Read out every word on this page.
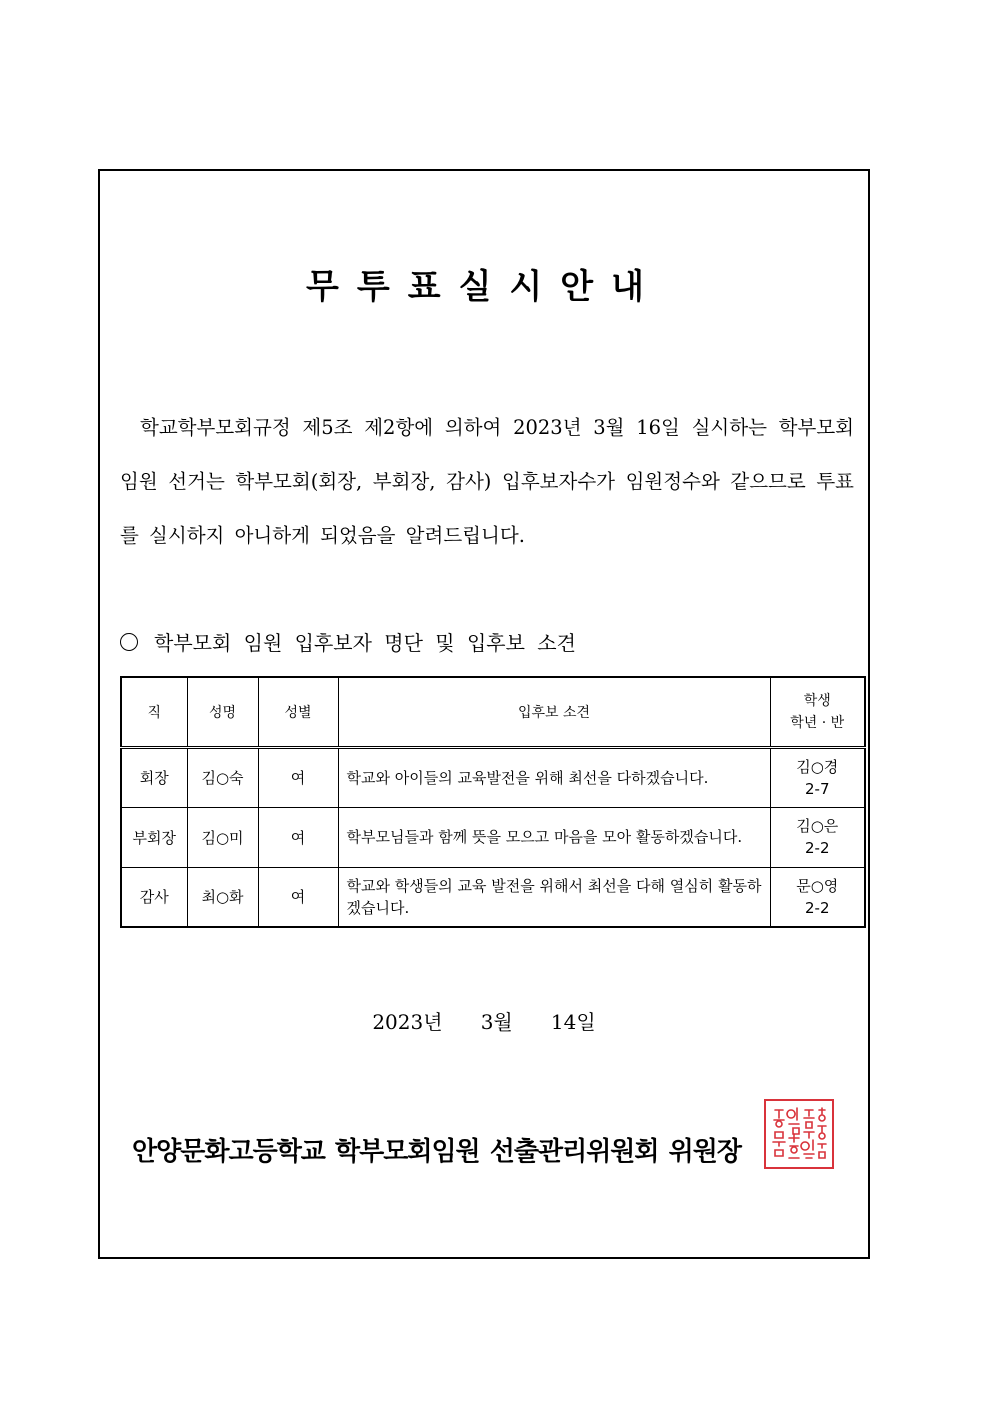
무투표실시안내

학교학부모회규정 제5조 제2항에 의하여 2023년 3월 16일 실시하는 학부모회 임원 선거는 학부모회(회장, 부회장, 감사) 입후보자수가 임원정수와 같으므로 투표를 실시하지 아니하게 되었음을 알려드립니다.

학부모회 임원 입후보자 명단 및 입후보 소견
직	성명	성별	입후보 소견	학생
학년 · 반

회장	김○숙	여	학교와 아이들의 교육발전을 위해 최선을 다하겠습니다.	김○경
2-7

부회장	김○미	여	학부모님들과 함께 뜻을 모으고 마음을 모아 활동하겠습니다.	김○은
2-2

감사	최○화	여	학교와 학생들의 교육 발전을 위해서 최선을 다해 열심히 활동하겠습니다.	문○영
2-2

2023년      3월      14일

안양문화고등학교 학부모회임원 선출관리위원회 위원장
